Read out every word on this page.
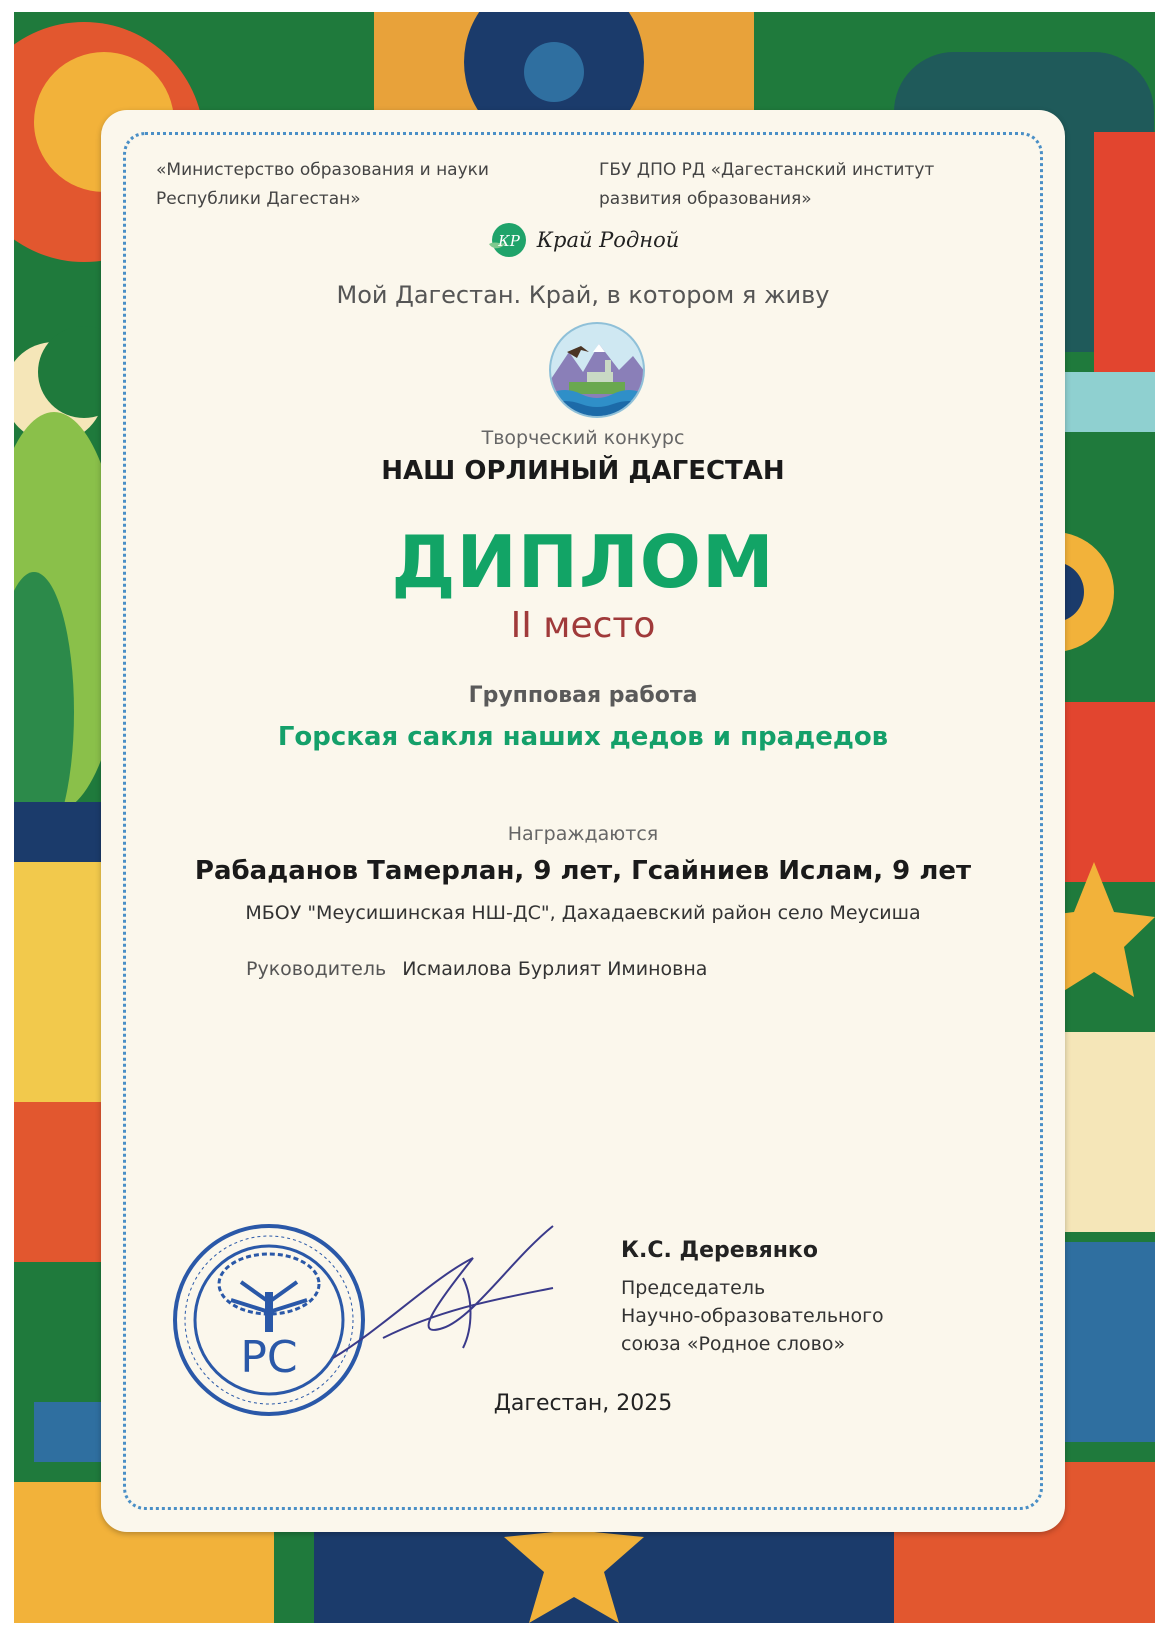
«Министерство образования и науки
Республики Дагестан»
ГБУ ДПО РД «Дагестанский институт
развития образования»
КР Край Родной
Мой Дагестан. Край, в котором я живу
Творческий конкурс
НАШ ОРЛИНЫЙ ДАГЕСТАН
ДИПЛОМ
II место
Групповая работа
Горская сакля наших дедов и прадедов
Награждаются
Рабаданов Тамерлан, 9 лет, Гсайниев Ислам, 9 лет
МБОУ "Меусишинская НШ-ДС", Дахадаевский район село Меусиша
Руководитель Исмаилова Бурлият Иминовна
PC
К.С. Деревянко
Председатель
Научно-образовательного
союза «Родное слово»
Дагестан, 2025
